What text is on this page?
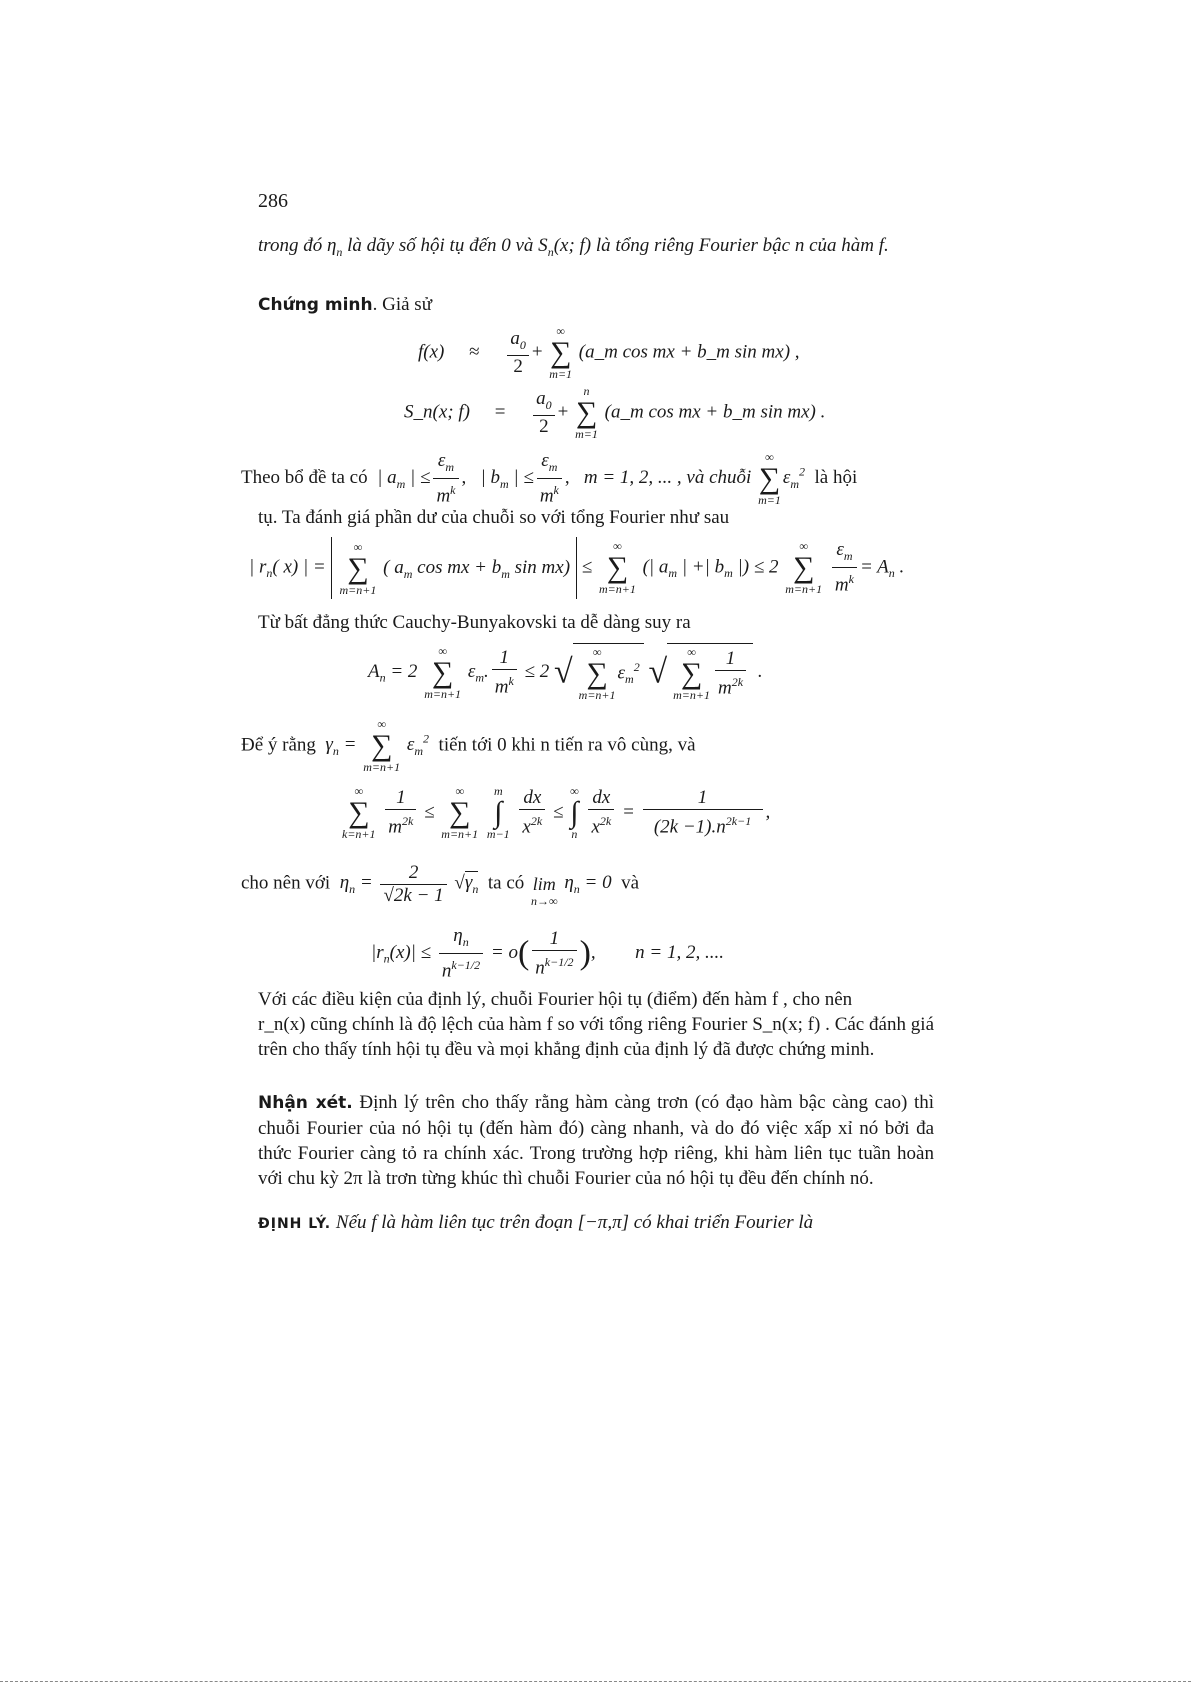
286
trong đó $\eta_n$ là dãy số hội tụ đến 0 và $S_n(x$; f) là tổng riêng Fourier bậc n của hàm f.
Chứng minh. Giả sử
$f(x) \approx \frac{a_0}{2}$ +
∞
∑
m=1
(a_m cos mx + b_m sin mx) ,
S_n(x; $f) = \frac{a_0}{2}$ +
n
∑
m=1
(a_m cos mx + b_m sin mx) .
Theo bổ đề ta có  | $a_m$ | ≤ $\frac{\varepsilon_m}{m^k}$ ,   | $b_m$ | ≤ $\frac{\varepsilon_m}{m^k}$ ,   m = 1, 2, ... , và chuỗi
∞
∑
m=1
$\varepsilon_m^2$ là hội
tụ. Ta đánh giá phần dư của chuỗi so với tổng Fourier như sau
| $r_n$( x) | =
∞
∑
m=n+1
( $a_m$ cos mx + $b_m$ sin mx) ≤
∞
∑
m=n+1
(| $a_m$ | +| $b_m$ |) ≤ 2
∞
∑
m=n+1
$\frac{\varepsilon_m}{m^k} = A_n$ .
Từ bất đẳng thức Cauchy-Bunyakovski ta dễ dàng suy ra
$A_n = 2$
∞
∑
m=n+1
$\varepsilon_m$. $\frac{1}{m^k} \le 2$ √
∞
∑
m=n+1
$\varepsilon_m^2$ √
∞
∑
$m=n+1 \frac{1}{m^{2k}}$ .
Để ý rằng  $\gamma_n$ =
∞
∑
m=n+1
$\varepsilon_m^2$ tiến tới 0 khi n tiến ra vô cùng, và
∞
∑
k=n+1
$\frac{1}{m^{2k}}$ ≤
∞
∑
m=n+1

m
∫
m−1
$\frac{dx}{x^{2k}}$ ≤
∞
∫
n
$\frac{dx}{x^{2k}} = \frac{1}{(2k -1).n^{2k-1}}$ ,
cho nên với  $\eta_n = \frac{2}{√2k - 1} √\gamma_n$ ta có
lim
n→∞
$\eta_n = 0$ và
$|r_n(x)| \le \frac{\eta_n}{n^{k-1/2}} = o( \frac{1}{n^{k-1/2}}$ ),  n = 1, 2, ....
Với các điều kiện của định lý, chuỗi Fourier hội tụ (điểm) đến hàm f , cho nên
r_n(x) cũng chính là độ lệch của hàm f so với tổng riêng Fourier S_n(x; f) . Các đánh giá trên cho thấy tính hội tụ đều và mọi khẳng định của định lý đã được chứng minh.
Nhận xét. Định lý trên cho thấy rằng hàm càng trơn (có đạo hàm bậc càng cao) thì chuỗi Fourier của nó hội tụ (đến hàm đó) càng nhanh, và do đó việc xấp xỉ nó bởi đa thức Fourier càng tỏ ra chính xác. Trong trường hợp riêng, khi hàm liên tục tuần hoàn với chu kỳ 2π là trơn từng khúc thì chuỗi Fourier của nó hội tụ đều đến chính nó.
ĐỊNH LÝ. Nếu f là hàm liên tục trên đoạn [−π,π] có khai triển Fourier là
